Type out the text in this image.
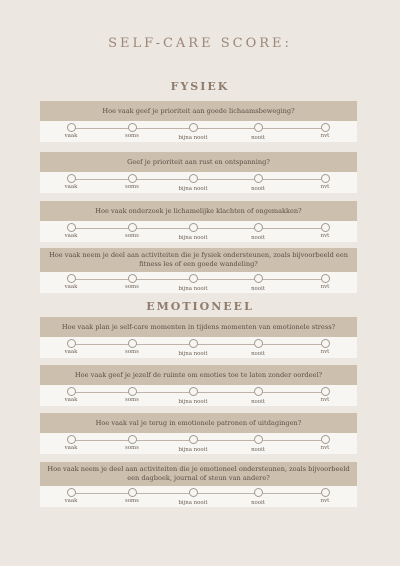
SELF-CARE SCORE:
FYSIEK
Hoe vaak geef je prioriteit aan goede lichaamsbeweging?
vaak	soms	bijna nooit	nooit	nvt
Geef je prioriteit aan rust en ontspanning?
vaak	soms	bijna nooit	nooit	nvt
Hoe vaak onderzoek je lichamelijke klachten of ongemakken?
vaak	soms	bijna nooit	nooit	nvt
Hoe vaak neem je deel aan activiteiten die je fysiek ondersteunen, zoals bijvoorbeeld een fitness les of een goede wandeling?
vaak	soms	bijna nooit	nooit	nvt
EMOTIONEEL
Hoe vaak plan je self-care momenten in tijdens momenten van emotionele stress?
vaak	soms	bijna nooit	nooit	nvt
Hoe vaak geef je jezelf de ruimte om emoties toe te laten zonder oordeel?
vaak	soms	bijna nooit	nooit	nvt
Hoe vaak val je terug in emotionele patronen of uitdagingen?
vaak	soms	bijna nooit	nooit	nvt
Hoe vaak neem je deel aan activiteiten die je emotioneel ondersteunen, zoals bijvoorbeeld een dagboek, journal of steun van andere?
vaak	soms	bijna nooit	nooit	nvt
